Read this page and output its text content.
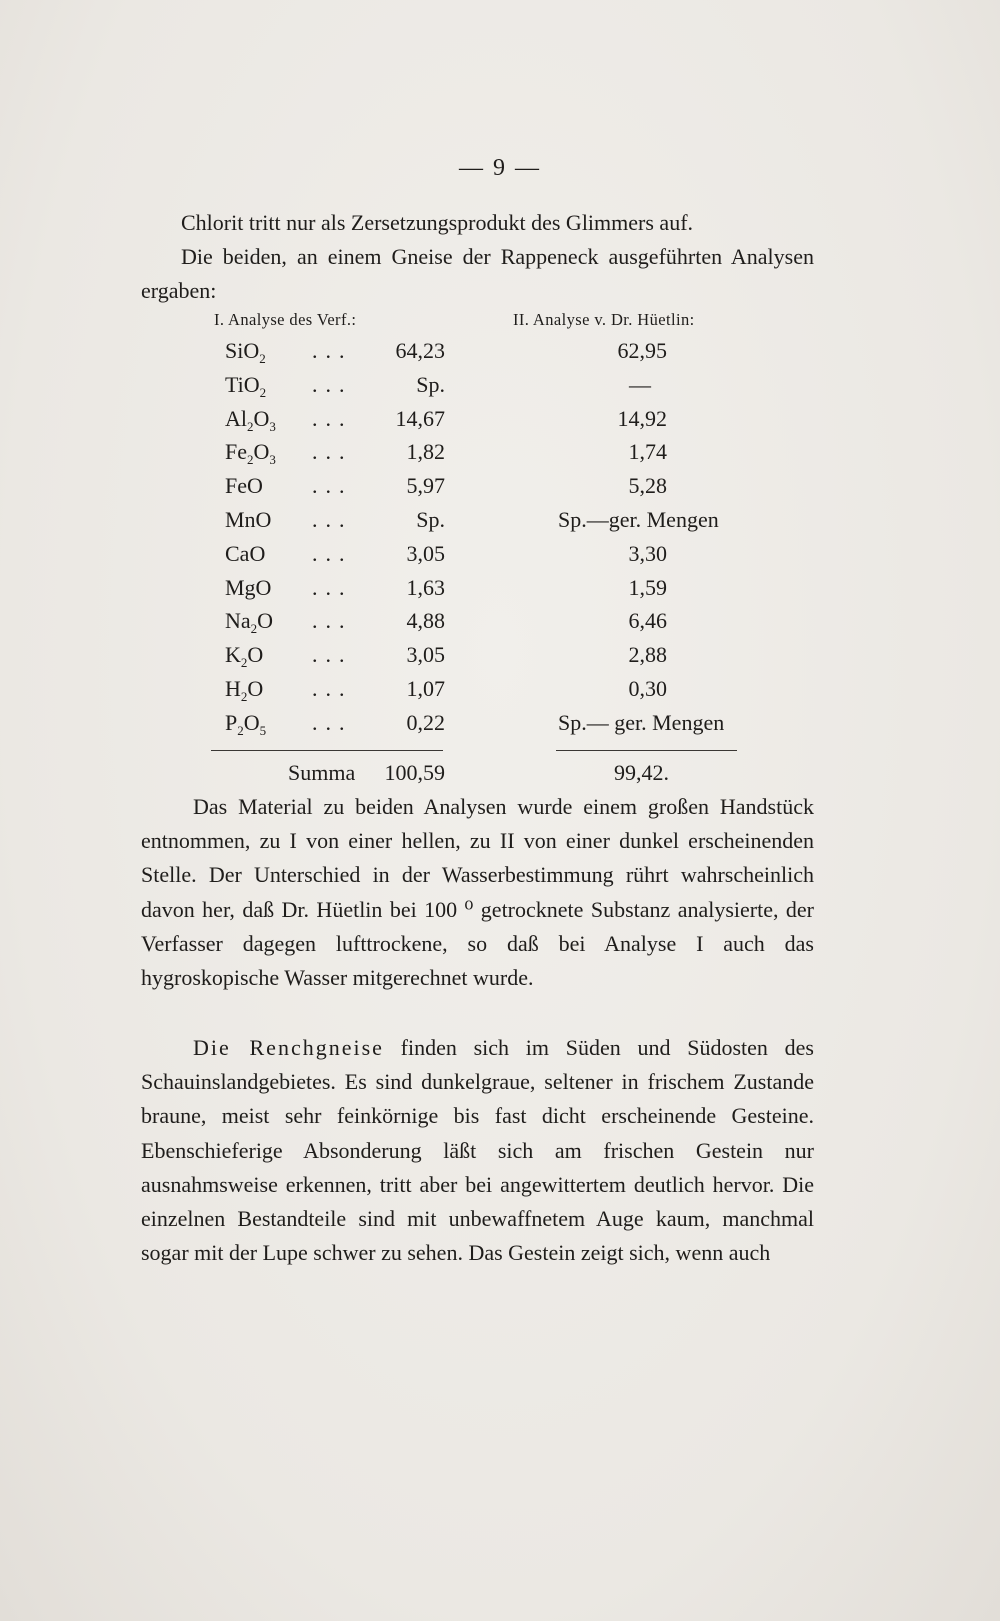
— 9 —

Chlorit tritt nur als Zersetzungsprodukt des Glimmers auf.

Die beiden, an einem Gneise der Rappeneck ausgeführten Analysen ergaben:

I. Analyse des Verf.:	II. Analyse v. Dr. Hüetlin:
SiO$_2$ ...	64,23	62,95
TiO$_2$ ...	Sp.	—
$Al_2O_3$ ...	14,67	14,92
$Fe_2O_3$ ...	1,82	1,74
FeO ...	5,97	5,28
MnO ...	Sp.	Sp.—ger. Mengen
CaO ...	3,05	3,30
MgO ...	1,63	1,59
$Na_2O$ ...	4,88	6,46
$K_2O$ ...	3,05	2,88
$H_2O$ ...	1,07	0,30
$P_2O_5$ ...	0,22	Sp.— ger. Mengen
Summa	100,59	99,42.

Das Material zu beiden Analysen wurde einem großen Handstück entnommen, zu I von einer hellen, zu II von einer dunkel erscheinenden Stelle. Der Unterschied in der Wasserbestimmung rührt wahrscheinlich davon her, daß Dr. Hüetlin bei 100 ⁰ getrocknete Substanz analysierte, der Verfasser dagegen lufttrockene, so daß bei Analyse I auch das hygroskopische Wasser mitgerechnet wurde.

Die Renchgneise finden sich im Süden und Südosten des Schauinslandgebietes. Es sind dunkelgraue, seltener in frischem Zustande braune, meist sehr feinkörnige bis fast dicht erscheinende Gesteine. Ebenschieferige Absonderung läßt sich am frischen Gestein nur ausnahmsweise erkennen, tritt aber bei angewittertem deutlich hervor. Die einzelnen Bestandteile sind mit unbewaffnetem Auge kaum, manchmal sogar mit der Lupe schwer zu sehen. Das Gestein zeigt sich, wenn auch
